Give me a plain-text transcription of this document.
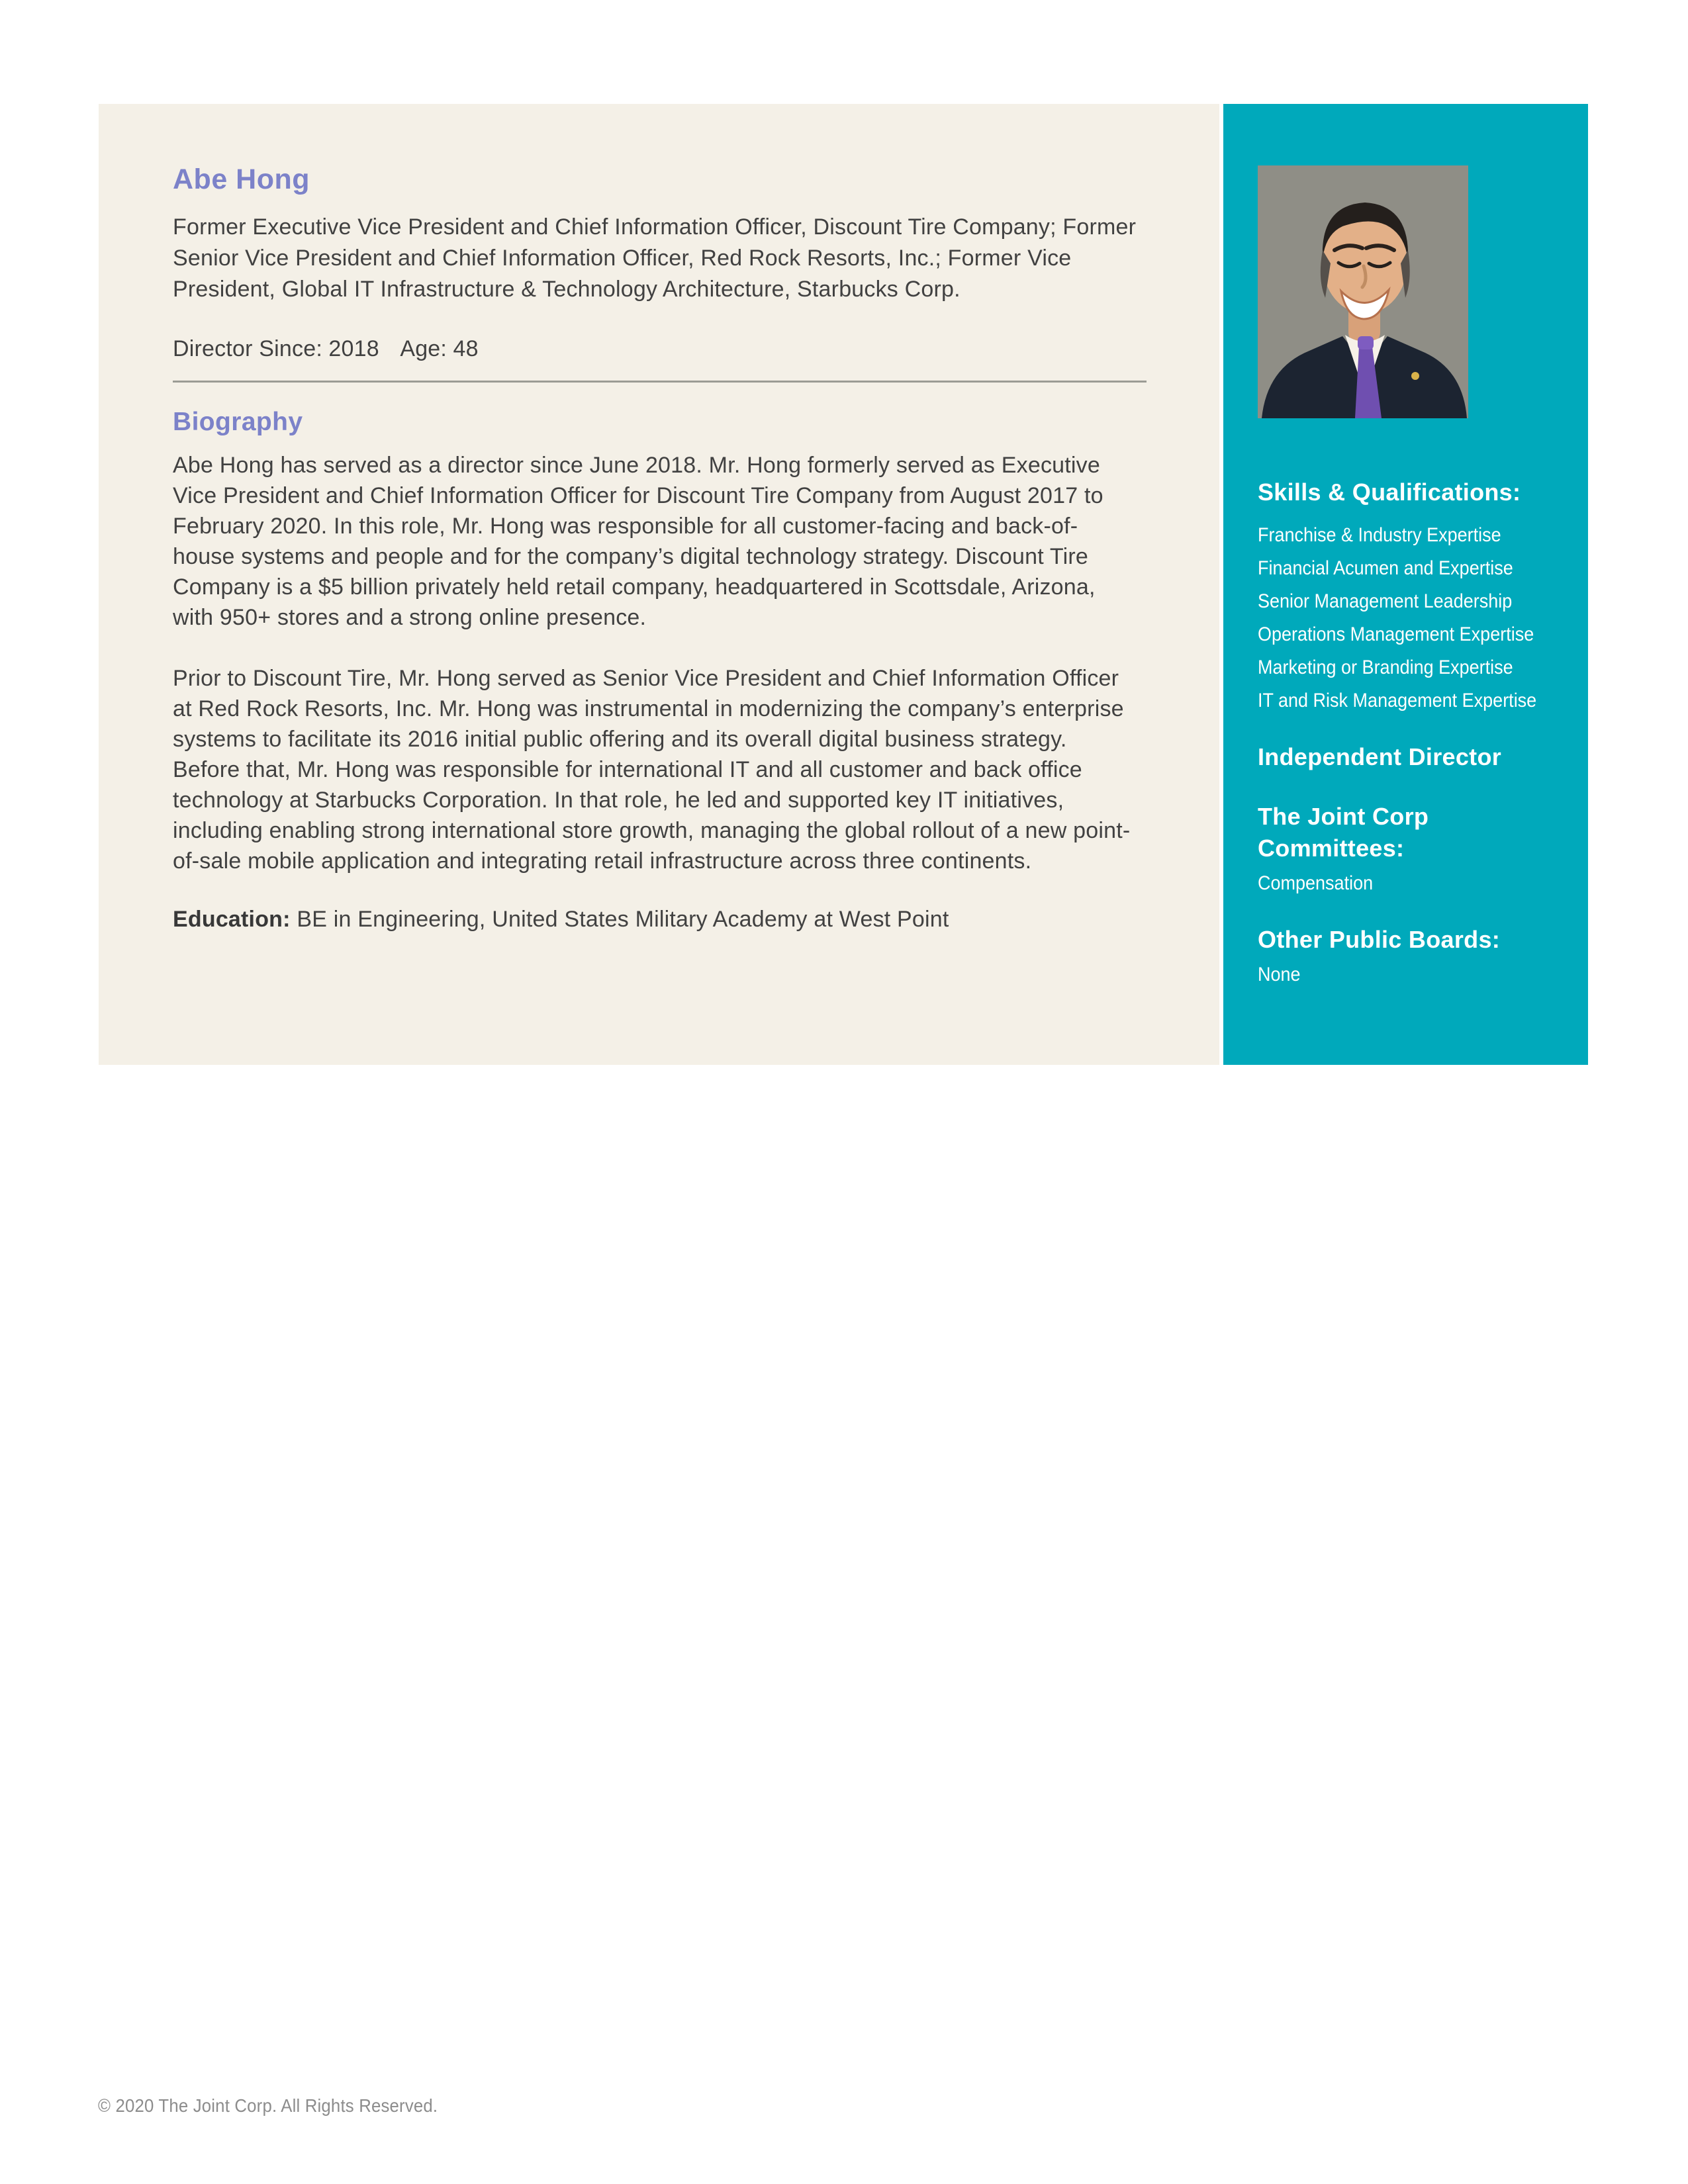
Abe Hong

Former Executive Vice President and Chief Information Officer, Discount Tire Company; Former Senior Vice President and Chief Information Officer, Red Rock Resorts, Inc.; Former Vice President, Global IT Infrastructure & Technology Architecture, Starbucks Corp.

Director Since: 2018 Age: 48

Biography

Abe Hong has served as a director since June 2018. Mr. Hong formerly served as Executive Vice President and Chief Information Officer for Discount Tire Company from August 2017 to February 2020. In this role, Mr. Hong was responsible for all customer-facing and back-of-house systems and people and for the company’s digital technology strategy. Discount Tire Company is a $5 billion privately held retail company, headquartered in Scottsdale, Arizona, with 950+ stores and a strong online presence.

Prior to Discount Tire, Mr. Hong served as Senior Vice President and Chief Information Officer at Red Rock Resorts, Inc. Mr. Hong was instrumental in modernizing the company’s enterprise systems to facilitate its 2016 initial public offering and its overall digital business strategy. Before that, Mr. Hong was responsible for international IT and all customer and back office technology at Starbucks Corporation. In that role, he led and supported key IT initiatives, including enabling strong international store growth, managing the global rollout of a new point-of-sale mobile application and integrating retail infrastructure across three continents.

Education: BE in Engineering, United States Military Academy at West Point

Skills & Qualifications:
Franchise & Industry Expertise
Financial Acumen and Expertise
Senior Management Leadership
Operations Management Expertise
Marketing or Branding Expertise
IT and Risk Management Expertise
Independent Director
The Joint Corp Committees:

Compensation

Other Public Boards:

None

© 2020 The Joint Corp. All Rights Reserved.
